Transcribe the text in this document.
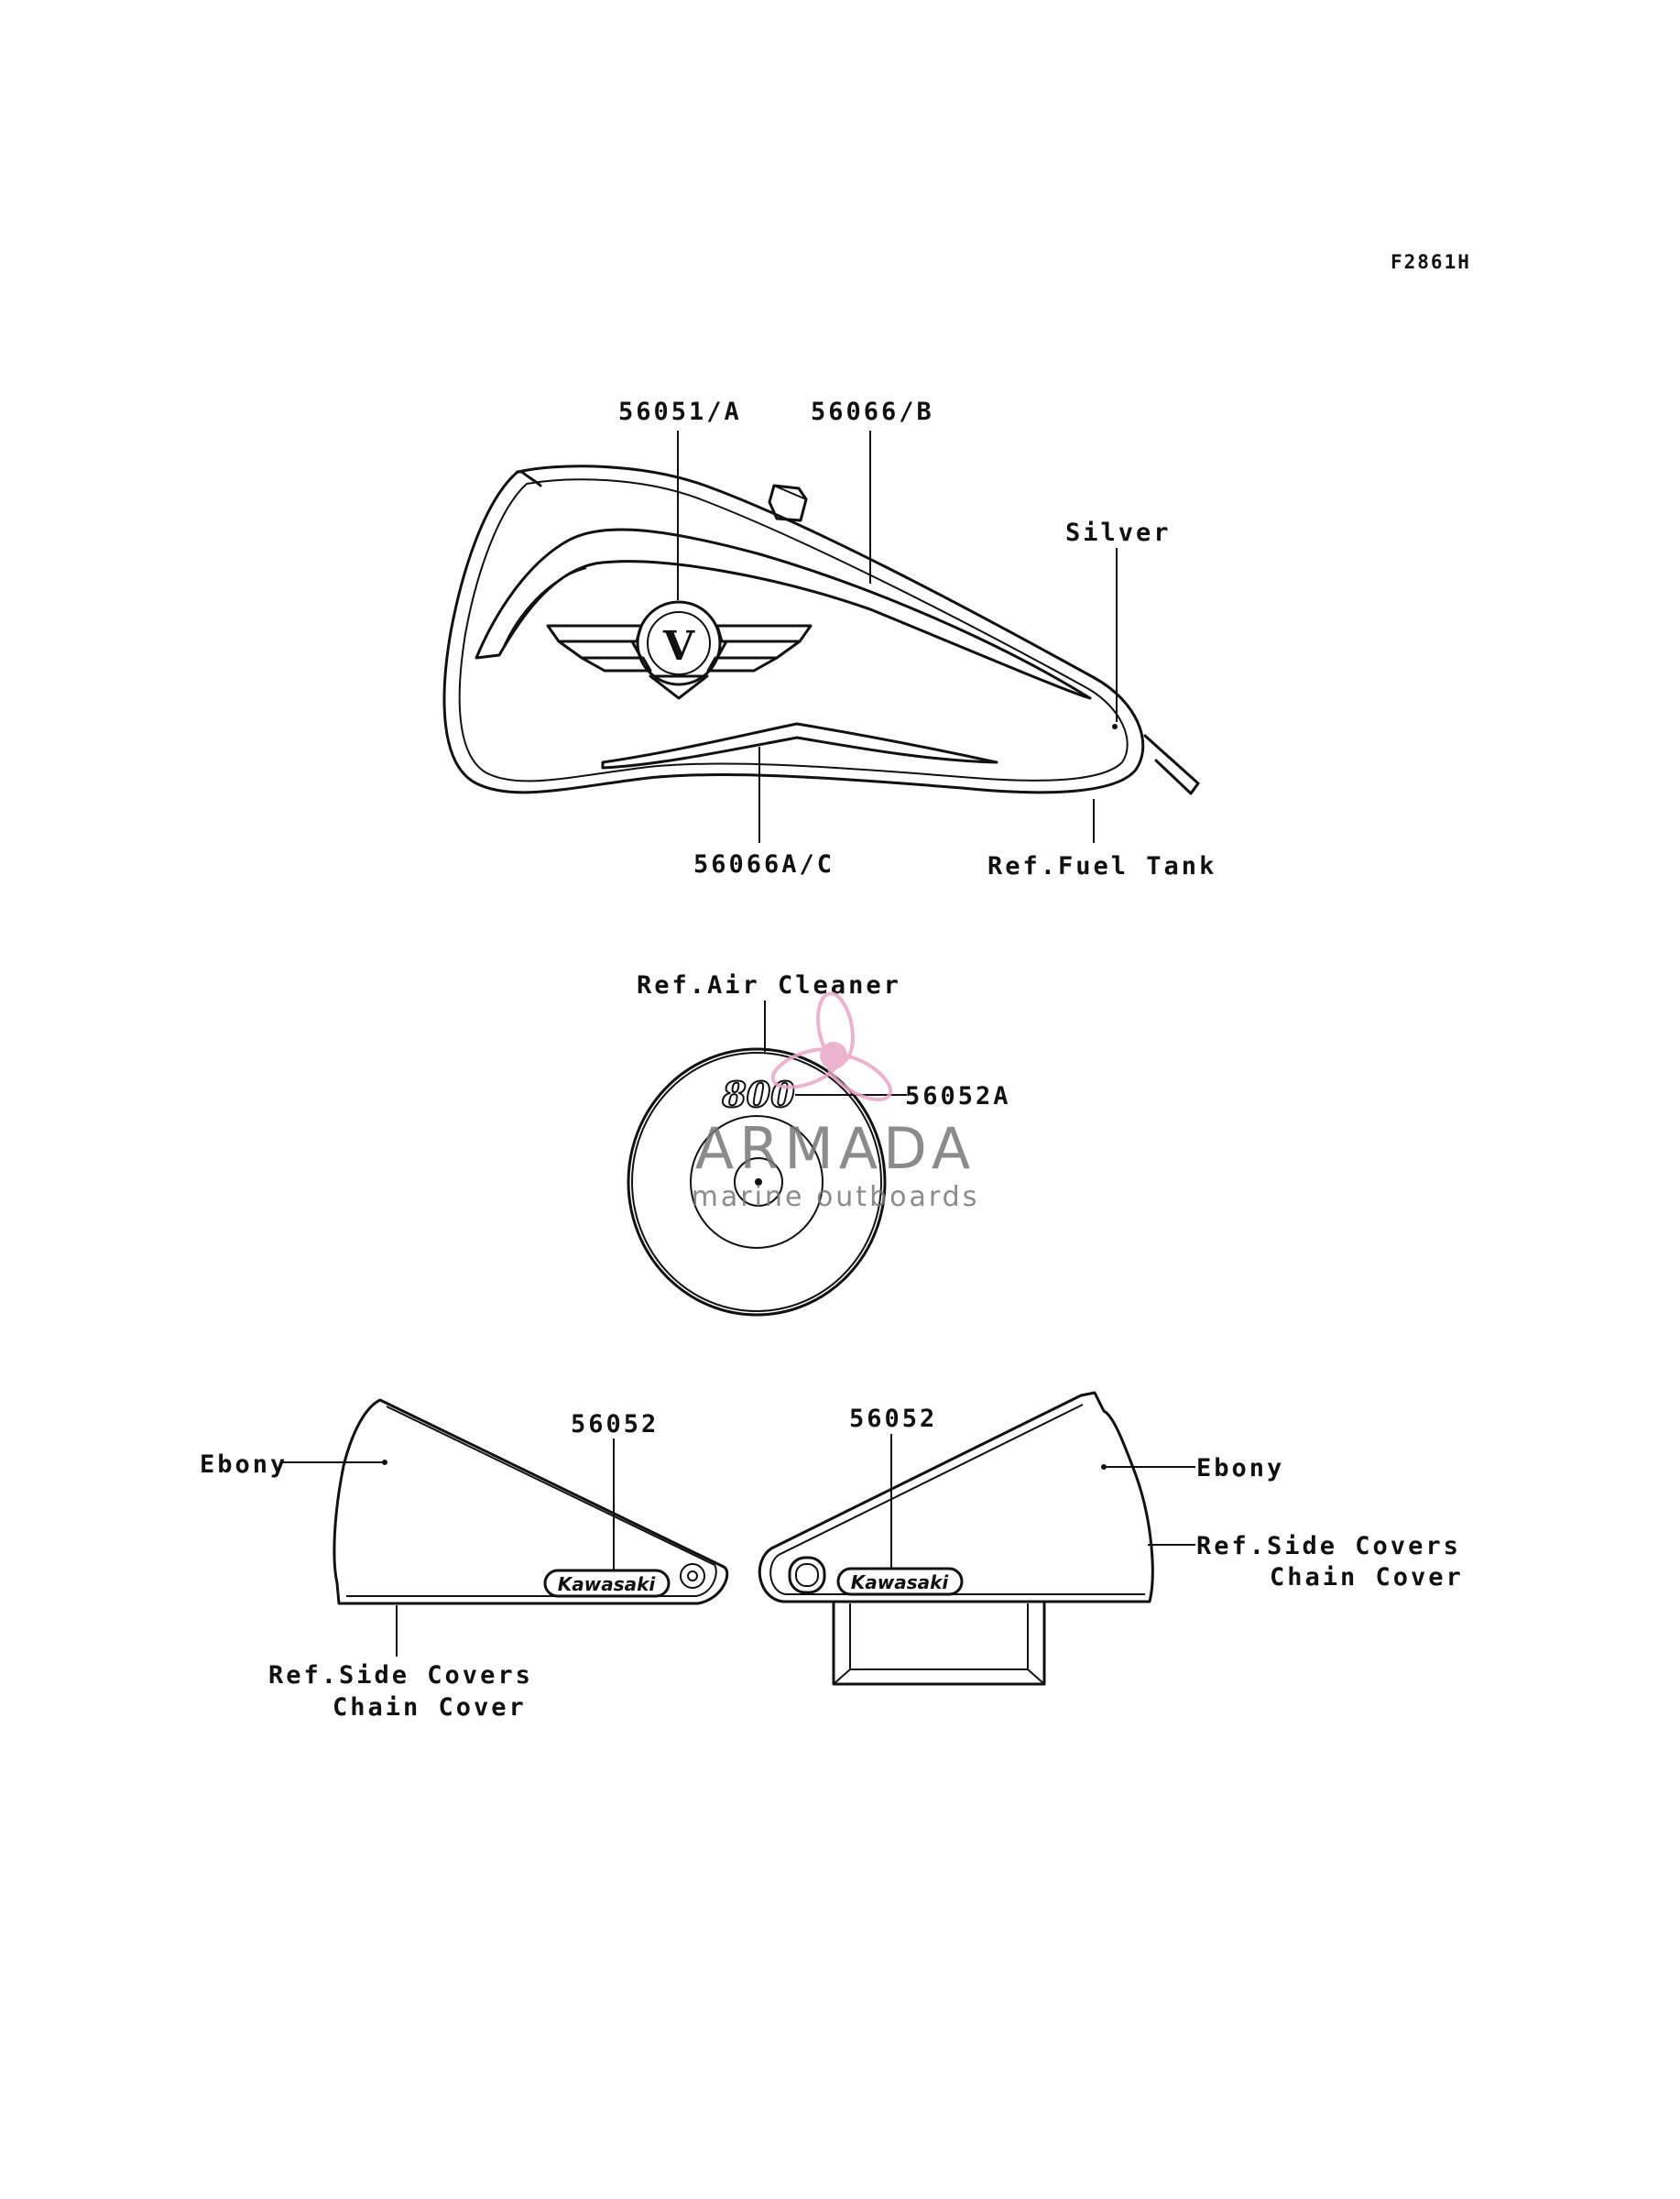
F2861H
V
56051/A	56066/B
Silver
56066A/C	Ref.Fuel Tank
800
Ref.Air Cleaner
56052A
ARMADA
marine outboards
Kawasaki
56052
Ebony
Ref.Side Covers
Chain Cover
Kawasaki
56052
Ebony
Ref.Side Covers
Chain Cover
